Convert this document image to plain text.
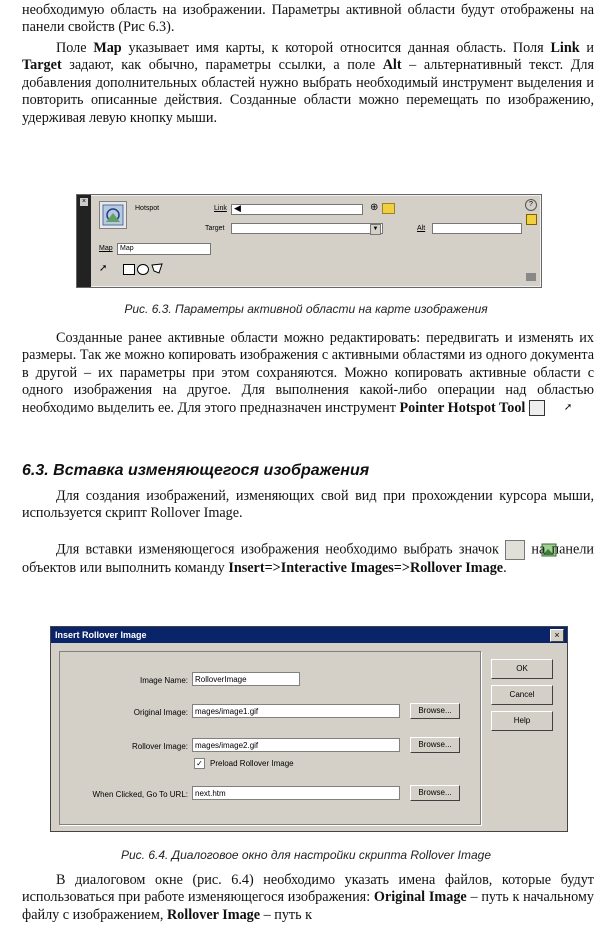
необходимую область на изображении. Параметры активной области будут отображены на панели свойств (Рис 6.3).

Поле Map указывает имя карты, к которой относится данная область. Поля Link и Target задают, как обычно, параметры ссылки, а поле Alt – альтернативный текст. Для добавления дополнительных областей нужно выбрать необходимый инструмент выделения и повторить описанные действия. Созданные области можно перемещать по изображению, удерживая левую кнопку мыши.

×
Hotspot	Link ◀	⊕
Target	▼	Alt
?
Map	Map
➚
Рис. 6.3. Параметры активной области на карте изображения

Созданные ранее активные области можно редактировать: передвигать и изменять их размеры. Так же можно копировать изображения с активными областями из одного документа в другой – их параметры при этом сохраняются. Можно копировать активные области с одного изображения на другое. Для выполнения какой-либо операции над областью необходимо выделить ее. Для этого предназначен инструмент Pointer Hotspot Tool	➚

6.3. Вставка изменяющегося изображения

Для создания изображений, изменяющих свой вид при прохождении курсора мыши, используется скрипт Rollover Image.

Для вставки изменяющегося изображения необходимо выбрать значок  на панели объектов или выполнить команду Insert=>Interactive Images=>Rollover Image.

Insert Rollover Image	×
Image Name: RolloverImage
Original Image: mages/image1.gif	Browse...
Rollover Image: mages/image2.gif	Browse...
✓ Preload Rollover Image
When Clicked, Go To URL: next.htm	Browse...
OK
Cancel
Help
Рис. 6.4. Диалоговое окно для настройки скрипта Rollover Image

В диалоговом окне (рис. 6.4) необходимо указать имена файлов, которые будут использоваться при работе изменяющегося изображения: Original Image – путь к начальному файлу с изображением, Rollover Image – путь к
